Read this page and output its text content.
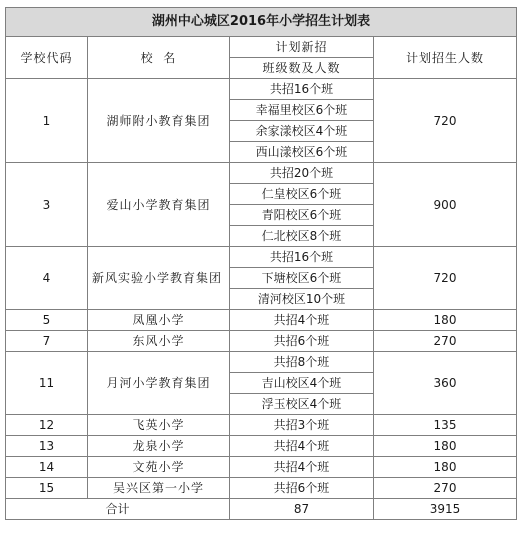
湖州中心城区2016年小学招生计划表			
学校代码	校  名	计划新招	计划招生人数
		班级数及人数	
1	湖师附小教育集团	共招16个班	720
		幸福里校区6个班	
		余家漾校区4个班	
		西山漾校区6个班	
3	爱山小学教育集团	共招20个班	900
		仁皇校区6个班	
		青阳校区6个班	
		仁北校区8个班	
4	新风实验小学教育集团	共招16个班	720
		下塘校区6个班	
		清河校区10个班	
5	凤凰小学	共招4个班	180
7	东风小学	共招6个班	270
11	月河小学教育集团	共招8个班	360
		吉山校区4个班	
		浮玉校区4个班	
12	飞英小学	共招3个班	135
13	龙泉小学	共招4个班	180
14	文苑小学	共招4个班	180
15	吴兴区第一小学	共招6个班	270
合计		87	3915
